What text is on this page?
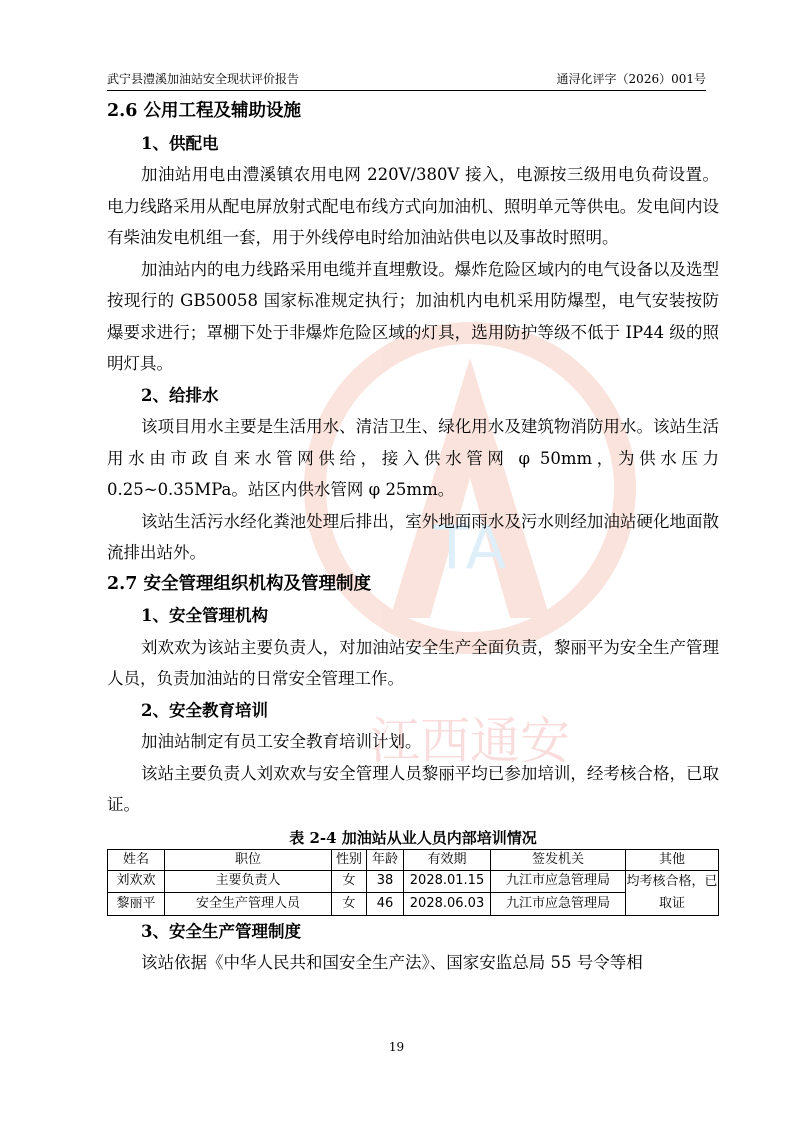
武宁县澧溪加油站安全现状评价报告	通浔化评字（2026）001号
TA
江西通安
2.6 公用工程及辅助设施
1、供配电

加油站用电由澧溪镇农用电网 220V/380V 接入，电源按三级用电负荷设置。电力线路采用从配电屏放射式配电布线方式向加油机、照明单元等供电。发电间内设有柴油发电机组一套，用于外线停电时给加油站供电以及事故时照明。

加油站内的电力线路采用电缆并直埋敷设。爆炸危险区域内的电气设备以及选型按现行的 GB50058 国家标准规定执行；加油机内电机采用防爆型，电气安装按防爆要求进行；罩棚下处于非爆炸危险区域的灯具，选用防护等级不低于 IP44 级的照明灯具。

2、给排水

该项目用水主要是生活用水、清洁卫生、绿化用水及建筑物消防用水。该站生活用水由市政自来水管网供给，接入供水管网 φ 50mm，为供水压力 0.25~0.35MPa。站区内供水管网 φ 25mm。

该站生活污水经化粪池处理后排出，室外地面雨水及污水则经加油站硬化地面散流排出站外。

2.7 安全管理组织机构及管理制度
1、安全管理机构

刘欢欢为该站主要负责人，对加油站安全生产全面负责，黎丽平为安全生产管理人员，负责加油站的日常安全管理工作。

2、安全教育培训

加油站制定有员工安全教育培训计划。

该站主要负责人刘欢欢与安全管理人员黎丽平均已参加培训，经考核合格，已取证。

表 2-4 加油站从业人员内部培训情况
姓名	职位	性别	年龄	有效期	签发机关	其他
刘欢欢	主要负责人	女	38	2028.01.15	九江市应急管理局	均考核合格，已取证
黎丽平	安全生产管理人员	女	46	2028.06.03	九江市应急管理局	
3、安全生产管理制度

该站依据《中华人民共和国安全生产法》、国家安监总局 55 号令等相

19
